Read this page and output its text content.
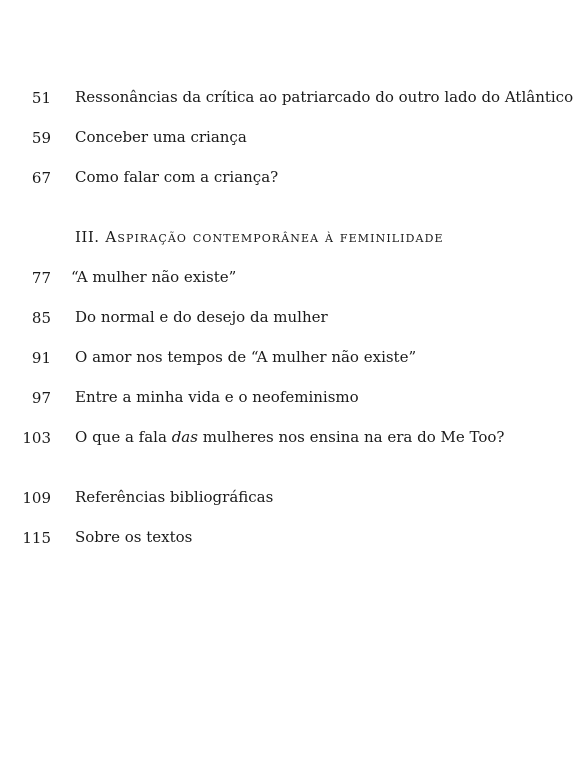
51 Ressonâncias da crítica ao patriarcado do outro lado do Atlântico
59 Conceber uma criança
67 Como falar com a criança?
III. Aspiração contemporânea à feminilidade
77 “A mulher não existe”
85 Do normal e do desejo da mulher
91 O amor nos tempos de “A mulher não existe”
97 Entre a minha vida e o neofeminismo
103 O que a fala das mulheres nos ensina na era do Me Too?
109 Referências bibliográficas
115 Sobre os textos
